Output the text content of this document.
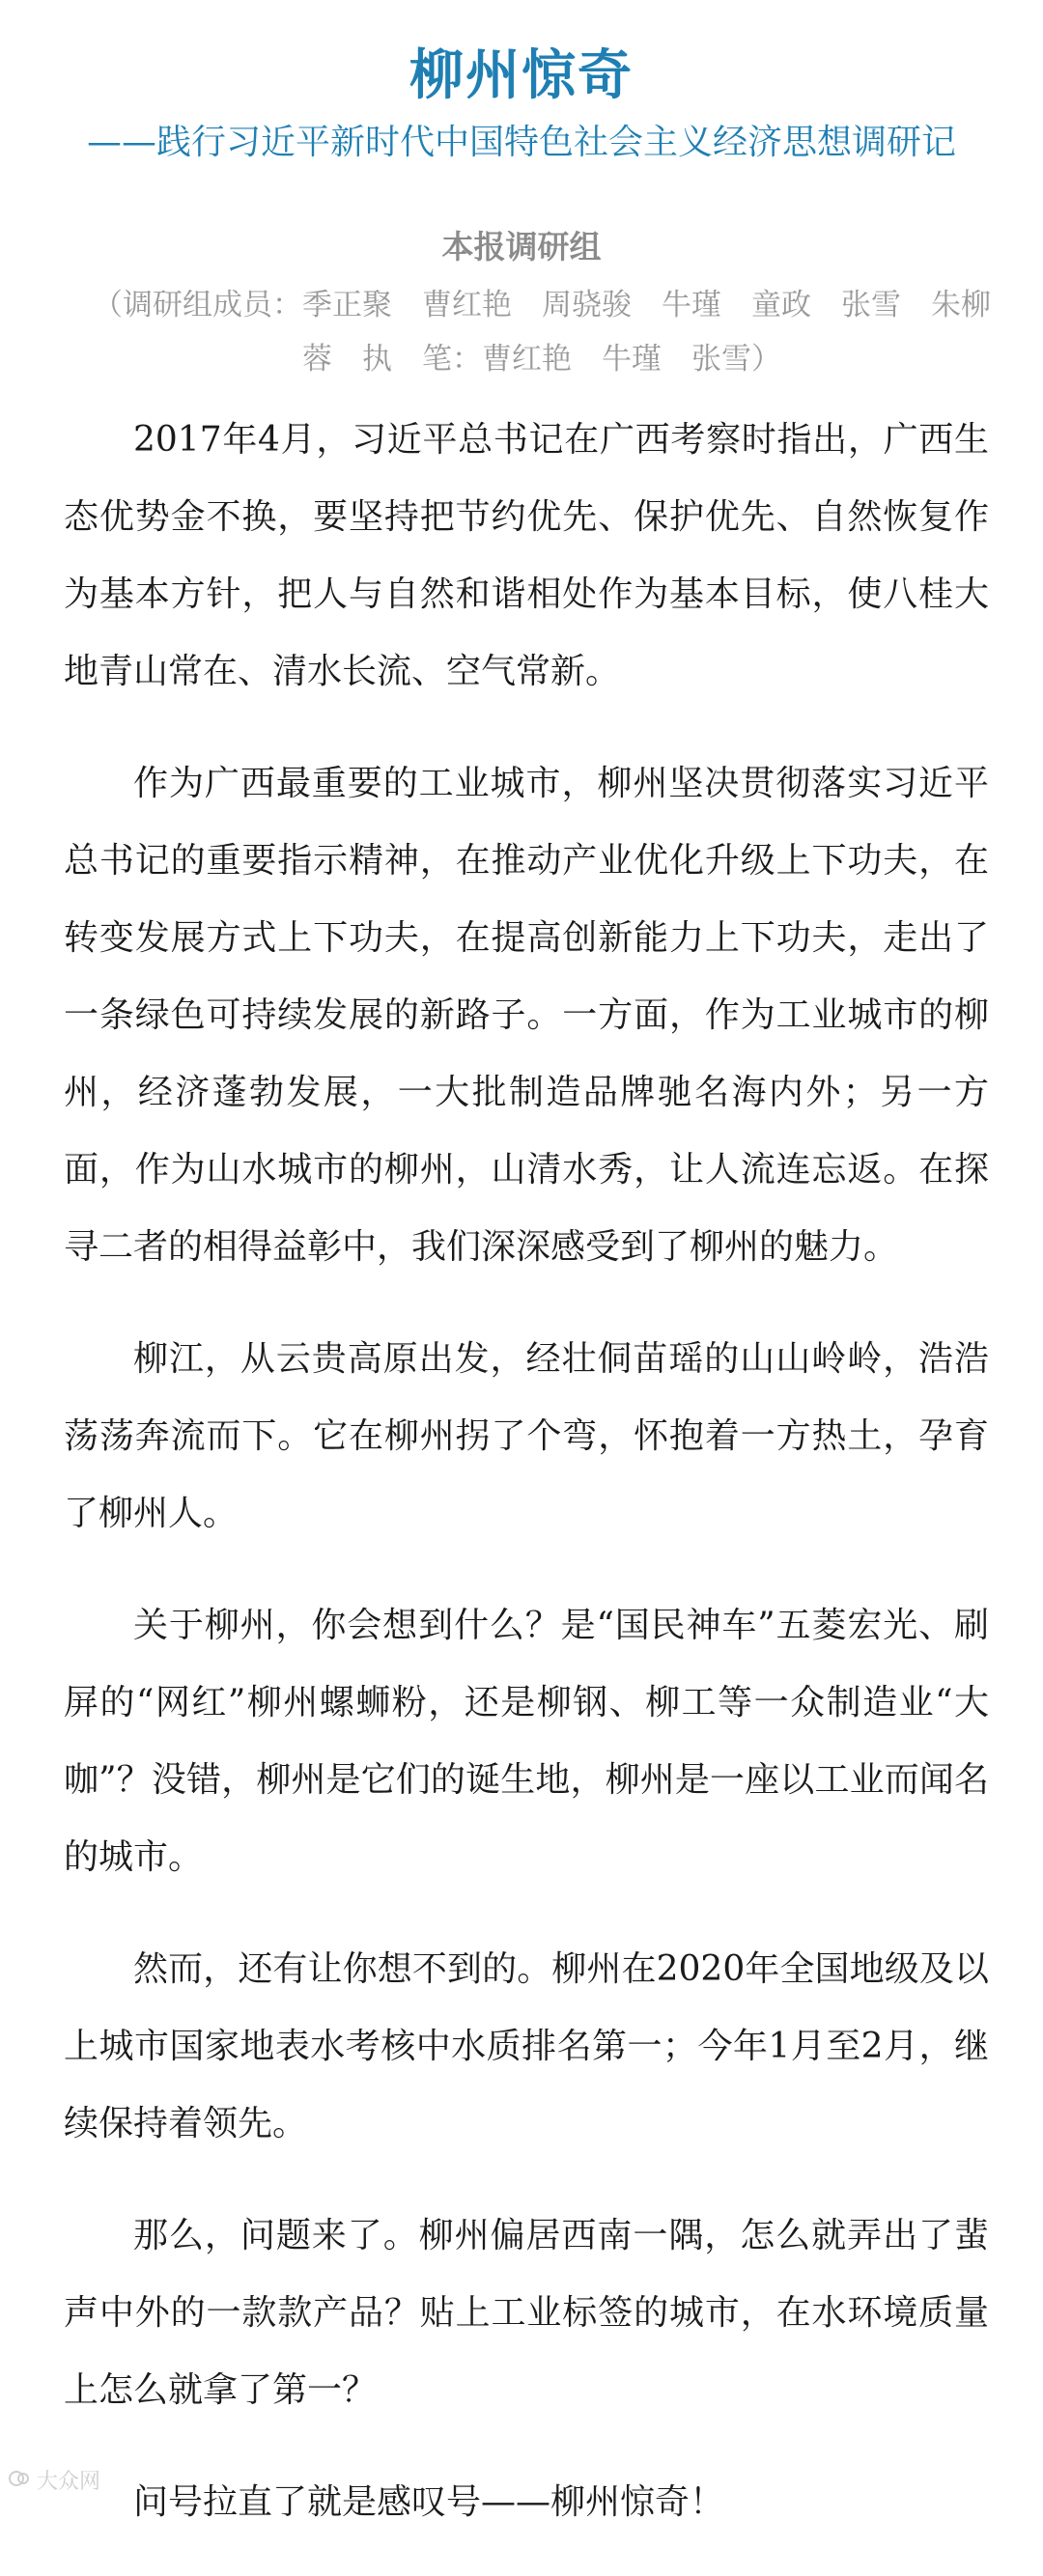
柳州惊奇
——践行习近平新时代中国特色社会主义经济思想调研记
本报调研组
（调研组成员：季正聚　曹红艳　周骁骏　牛瑾　童政　张雪　朱柳蓉　执　笔：曹红艳　牛瑾　张雪）

2017年4月，习近平总书记在广西考察时指出，广西生态优势金不换，要坚持把节约优先、保护优先、自然恢复作为基本方针，把人与自然和谐相处作为基本目标，使八桂大地青山常在、清水长流、空气常新。

作为广西最重要的工业城市，柳州坚决贯彻落实习近平总书记的重要指示精神，在推动产业优化升级上下功夫，在转变发展方式上下功夫，在提高创新能力上下功夫，走出了一条绿色可持续发展的新路子。一方面，作为工业城市的柳州，经济蓬勃发展，一大批制造品牌驰名海内外；另一方面，作为山水城市的柳州，山清水秀，让人流连忘返。在探寻二者的相得益彰中，我们深深感受到了柳州的魅力。

柳江，从云贵高原出发，经壮侗苗瑶的山山岭岭，浩浩荡荡奔流而下。它在柳州拐了个弯，怀抱着一方热土，孕育了柳州人。

关于柳州，你会想到什么？是“国民神车”五菱宏光、刷屏的“网红”柳州螺蛳粉，还是柳钢、柳工等一众制造业“大咖”？没错，柳州是它们的诞生地，柳州是一座以工业而闻名的城市。

然而，还有让你想不到的。柳州在2020年全国地级及以上城市国家地表水考核中水质排名第一；今年1月至2月，继续保持着领先。

那么，问题来了。柳州偏居西南一隅，怎么就弄出了蜚声中外的一款款产品？贴上工业标签的城市，在水环境质量上怎么就拿了第一？

问号拉直了就是感叹号——柳州惊奇！

大众网
